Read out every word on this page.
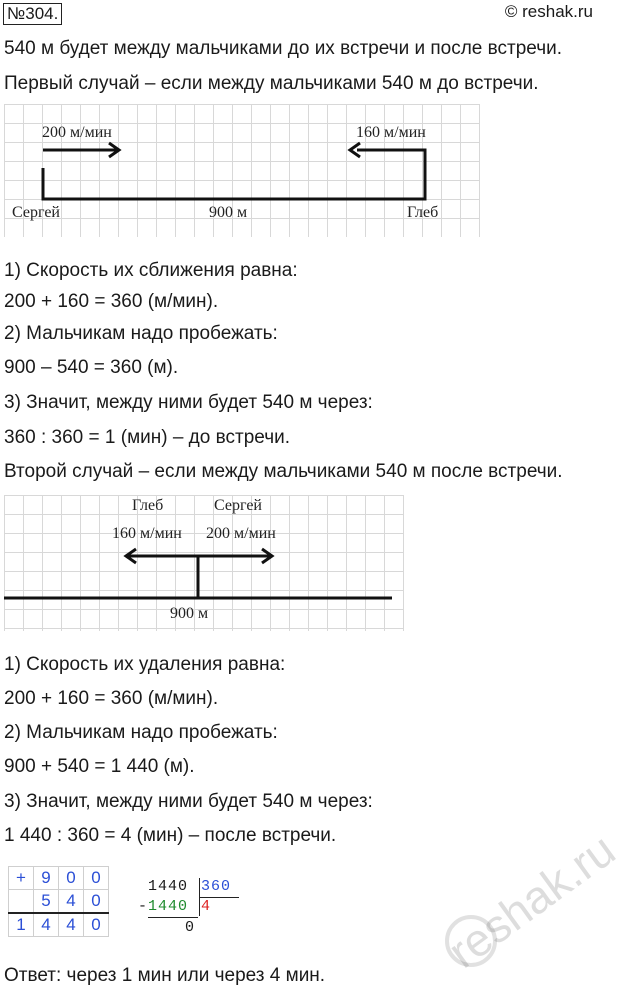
№304.	© reshak.ru
540 м будет между мальчиками до их встречи и после встречи.
Первый случай – если между мальчиками 540 м до встречи.
200 м/мин	160 м/мин
Сергей	900 м	Глеб
1) Скорость их сближения равна:
200 + 160 = 360 (м/мин).
2) Мальчикам надо пробежать:
900 – 540 = 360 (м).
3) Значит, между ними будет 540 м через:
360 : 360 = 1 (мин) – до встречи.
Второй случай – если между мальчиками 540 м после встречи.
Глеб	Сергей
160 м/мин 200 м/мин
900 м
1) Скорость их удаления равна:
200 + 160 = 360 (м/мин).
2) Мальчикам надо пробежать:
900 + 540 = 1 440 (м).
3) Значит, между ними будет 540 м через:
1 440 : 360 = 4 (мин) – после встречи.
+	9	0	0
	5	4	0
1	4	4	0
-
1440 360
1440 4
0	reshak.ru
Ответ: через 1 мин или через 4 мин.
